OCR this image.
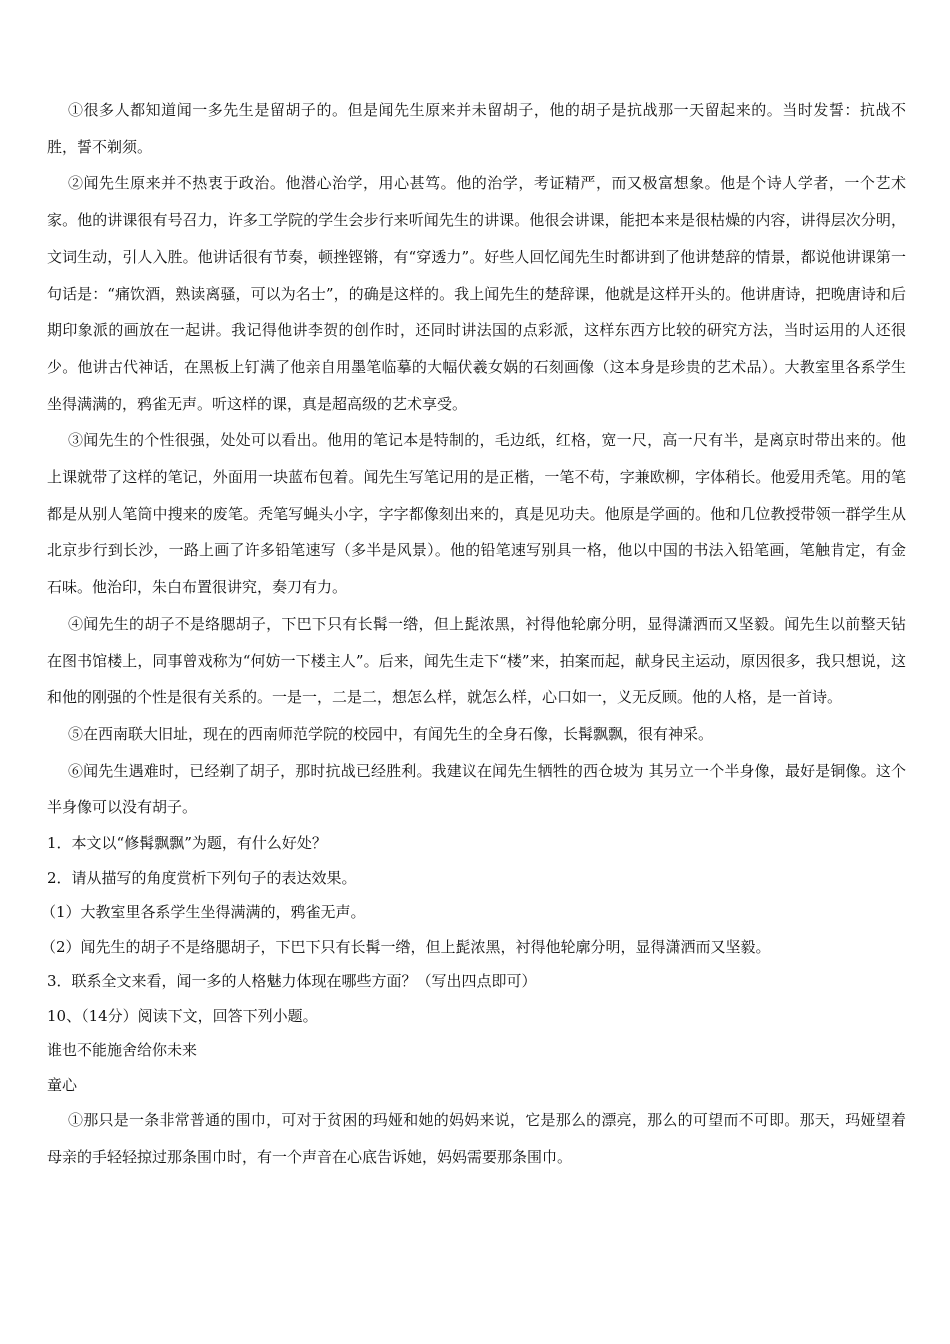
①很多人都知道闻一多先生是留胡子的。但是闻先生原来并未留胡子，他的胡子是抗战那一天留起来的。当时发誓：抗战不胜，誓不剃须。

②闻先生原来并不热衷于政治。他潜心治学，用心甚笃。他的治学，考证精严，而又极富想象。他是个诗人学者，一个艺术家。他的讲课很有号召力，许多工学院的学生会步行来听闻先生的讲课。他很会讲课，能把本来是很枯燥的内容，讲得层次分明，文词生动，引人入胜。他讲话很有节奏，顿挫铿锵，有“穿透力”。好些人回忆闻先生时都讲到了他讲楚辞的情景，都说他讲课第一句话是：“痛饮酒，熟读离骚，可以为名士”，的确是这样的。我上闻先生的楚辞课，他就是这样开头的。他讲唐诗，把晚唐诗和后期印象派的画放在一起讲。我记得他讲李贺的创作时，还同时讲法国的点彩派，这样东西方比较的研究方法，当时运用的人还很少。他讲古代神话，在黑板上钉满了他亲自用墨笔临摹的大幅伏羲女娲的石刻画像（这本身是珍贵的艺术品）。大教室里各系学生坐得满满的，鸦雀无声。听这样的课，真是超高级的艺术享受。

③闻先生的个性很强，处处可以看出。他用的笔记本是特制的，毛边纸，红格，宽一尺，高一尺有半，是离京时带出来的。他上课就带了这样的笔记，外面用一块蓝布包着。闻先生写笔记用的是正楷，一笔不苟，字兼欧柳，字体稍长。他爱用秃笔。用的笔都是从别人笔筒中搜来的废笔。秃笔写蝇头小字，字字都像刻出来的，真是见功夫。他原是学画的。他和几位教授带领一群学生从北京步行到长沙，一路上画了许多铅笔速写（多半是风景）。他的铅笔速写别具一格，他以中国的书法入铅笔画，笔触肯定，有金石味。他治印，朱白布置很讲究，奏刀有力。

④闻先生的胡子不是络腮胡子，下巴下只有长髯一绺，但上髭浓黑，衬得他轮廓分明，显得潇洒而又坚毅。闻先生以前整天钻在图书馆楼上，同事曾戏称为“何妨一下楼主人”。后来，闻先生走下“楼”来，拍案而起，献身民主运动，原因很多，我只想说，这和他的刚强的个性是很有关系的。一是一，二是二，想怎么样，就怎么样，心口如一，义无反顾。他的人格，是一首诗。

⑤在西南联大旧址，现在的西南师范学院的校园中，有闻先生的全身石像，长髯飘飘，很有神采。

⑥闻先生遇难时，已经剃了胡子，那时抗战已经胜利。我建议在闻先生牺牲的西仓坡为 其另立一个半身像，最好是铜像。这个半身像可以没有胡子。

1．本文以“修髯飘飘”为题，有什么好处？

2．请从描写的角度赏析下列句子的表达效果。

（1）大教室里各系学生坐得满满的，鸦雀无声。

（2）闻先生的胡子不是络腮胡子，下巴下只有长髯一绺，但上髭浓黑，衬得他轮廓分明，显得潇洒而又坚毅。

3．联系全文来看，闻一多的人格魅力体现在哪些方面？（写出四点即可）

10、（14分）阅读下文，回答下列小题。

谁也不能施舍给你未来

童心

①那只是一条非常普通的围巾，可对于贫困的玛娅和她的妈妈来说，它是那么的漂亮，那么的可望而不可即。那天，玛娅望着母亲的手轻轻掠过那条围巾时，有一个声音在心底告诉她，妈妈需要那条围巾。
